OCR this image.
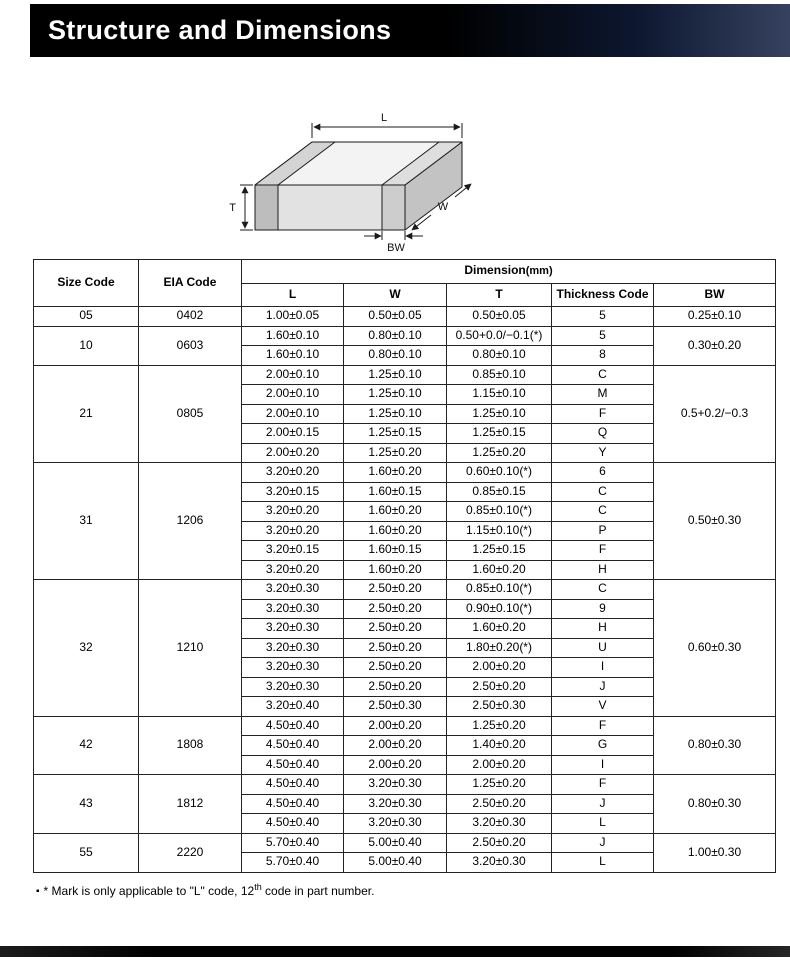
Structure and Dimensions
L
T	W
BW
Size Code	EIA Code	Dimension(mm)				
		L	W	T	Thickness Code	BW
05	0402	1.00±0.05	0.50±0.05	0.50±0.05	5	0.25±0.10
10	0603	1.60±0.10	0.80±0.10	0.50+0.0/−0.1(*)	5	0.30±0.20
		1.60±0.10	0.80±0.10	0.80±0.10	8	
21	0805	2.00±0.10	1.25±0.10	0.85±0.10	C	0.5+0.2/−0.3
		2.00±0.10	1.25±0.10	1.15±0.10	M	
		2.00±0.10	1.25±0.10	1.25±0.10	F	
		2.00±0.15	1.25±0.15	1.25±0.15	Q	
		2.00±0.20	1.25±0.20	1.25±0.20	Y	
31	1206	3.20±0.20	1.60±0.20	0.60±0.10(*)	6	0.50±0.30
		3.20±0.15	1.60±0.15	0.85±0.15	C	
		3.20±0.20	1.60±0.20	0.85±0.10(*)	C	
		3.20±0.20	1.60±0.20	1.15±0.10(*)	P	
		3.20±0.15	1.60±0.15	1.25±0.15	F	
		3.20±0.20	1.60±0.20	1.60±0.20	H	
32	1210	3.20±0.30	2.50±0.20	0.85±0.10(*)	C	0.60±0.30
		3.20±0.30	2.50±0.20	0.90±0.10(*)	9	
		3.20±0.30	2.50±0.20	1.60±0.20	H	
		3.20±0.30	2.50±0.20	1.80±0.20(*)	U	
		3.20±0.30	2.50±0.20	2.00±0.20	I	
		3.20±0.30	2.50±0.20	2.50±0.20	J	
		3.20±0.40	2.50±0.30	2.50±0.30	V	
42	1808	4.50±0.40	2.00±0.20	1.25±0.20	F	0.80±0.30
		4.50±0.40	2.00±0.20	1.40±0.20	G	
		4.50±0.40	2.00±0.20	2.00±0.20	I	
43	1812	4.50±0.40	3.20±0.30	1.25±0.20	F	0.80±0.30
		4.50±0.40	3.20±0.30	2.50±0.20	J	
		4.50±0.40	3.20±0.30	3.20±0.30	L	
55	2220	5.70±0.40	5.00±0.40	2.50±0.20	J	1.00±0.30
		5.70±0.40	5.00±0.40	3.20±0.30	L	

▪ * Mark is only applicable to "L" code, 12th code in part number.
